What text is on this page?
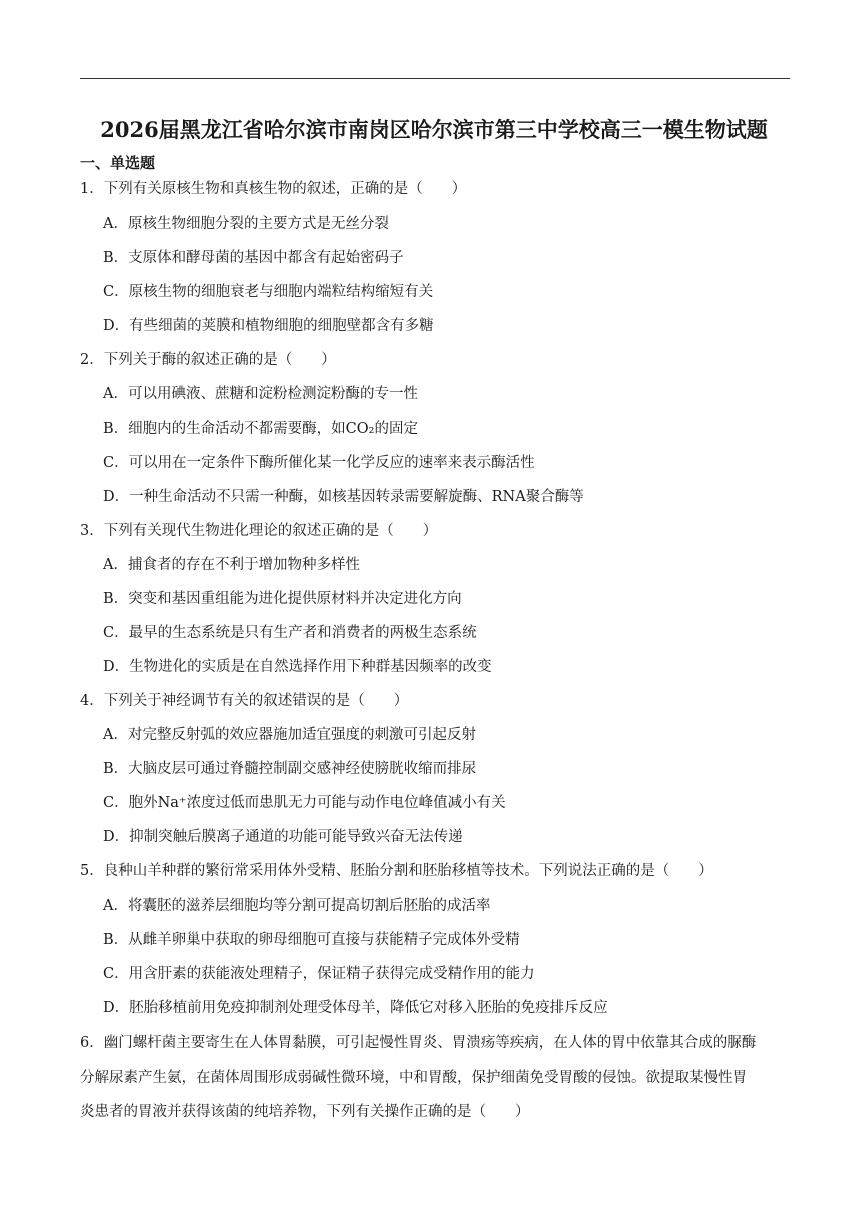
2026届黑龙江省哈尔滨市南岗区哈尔滨市第三中学校高三一模生物试题
一、单选题
1．下列有关原核生物和真核生物的叙述，正确的是（　　）
A．原核生物细胞分裂的主要方式是无丝分裂
B．支原体和酵母菌的基因中都含有起始密码子
C．原核生物的细胞衰老与细胞内端粒结构缩短有关
D．有些细菌的荚膜和植物细胞的细胞壁都含有多糖
2．下列关于酶的叙述正确的是（　　）
A．可以用碘液、蔗糖和淀粉检测淀粉酶的专一性
B．细胞内的生命活动不都需要酶，如CO₂的固定
C．可以用在一定条件下酶所催化某一化学反应的速率来表示酶活性
D．一种生命活动不只需一种酶，如核基因转录需要解旋酶、RNA聚合酶等
3．下列有关现代生物进化理论的叙述正确的是（　　）
A．捕食者的存在不利于增加物种多样性
B．突变和基因重组能为进化提供原材料并决定进化方向
C．最早的生态系统是只有生产者和消费者的两极生态系统
D．生物进化的实质是在自然选择作用下种群基因频率的改变
4．下列关于神经调节有关的叙述错误的是（　　）
A．对完整反射弧的效应器施加适宜强度的刺激可引起反射
B．大脑皮层可通过脊髓控制副交感神经使膀胱收缩而排尿
C．胞外Na⁺浓度过低而患肌无力可能与动作电位峰值减小有关
D．抑制突触后膜离子通道的功能可能导致兴奋无法传递
5．良种山羊种群的繁衍常采用体外受精、胚胎分割和胚胎移植等技术。下列说法正确的是（　　）
A．将囊胚的滋养层细胞均等分割可提高切割后胚胎的成活率
B．从雌羊卵巢中获取的卵母细胞可直接与获能精子完成体外受精
C．用含肝素的获能液处理精子，保证精子获得完成受精作用的能力
D．胚胎移植前用免疫抑制剂处理受体母羊，降低它对移入胚胎的免疫排斥反应
6．幽门螺杆菌主要寄生在人体胃黏膜，可引起慢性胃炎、胃溃疡等疾病，在人体的胃中依靠其合成的脲酶
分解尿素产生氨，在菌体周围形成弱碱性微环境，中和胃酸，保护细菌免受胃酸的侵蚀。欲提取某慢性胃
炎患者的胃液并获得该菌的纯培养物，下列有关操作正确的是（　　）
